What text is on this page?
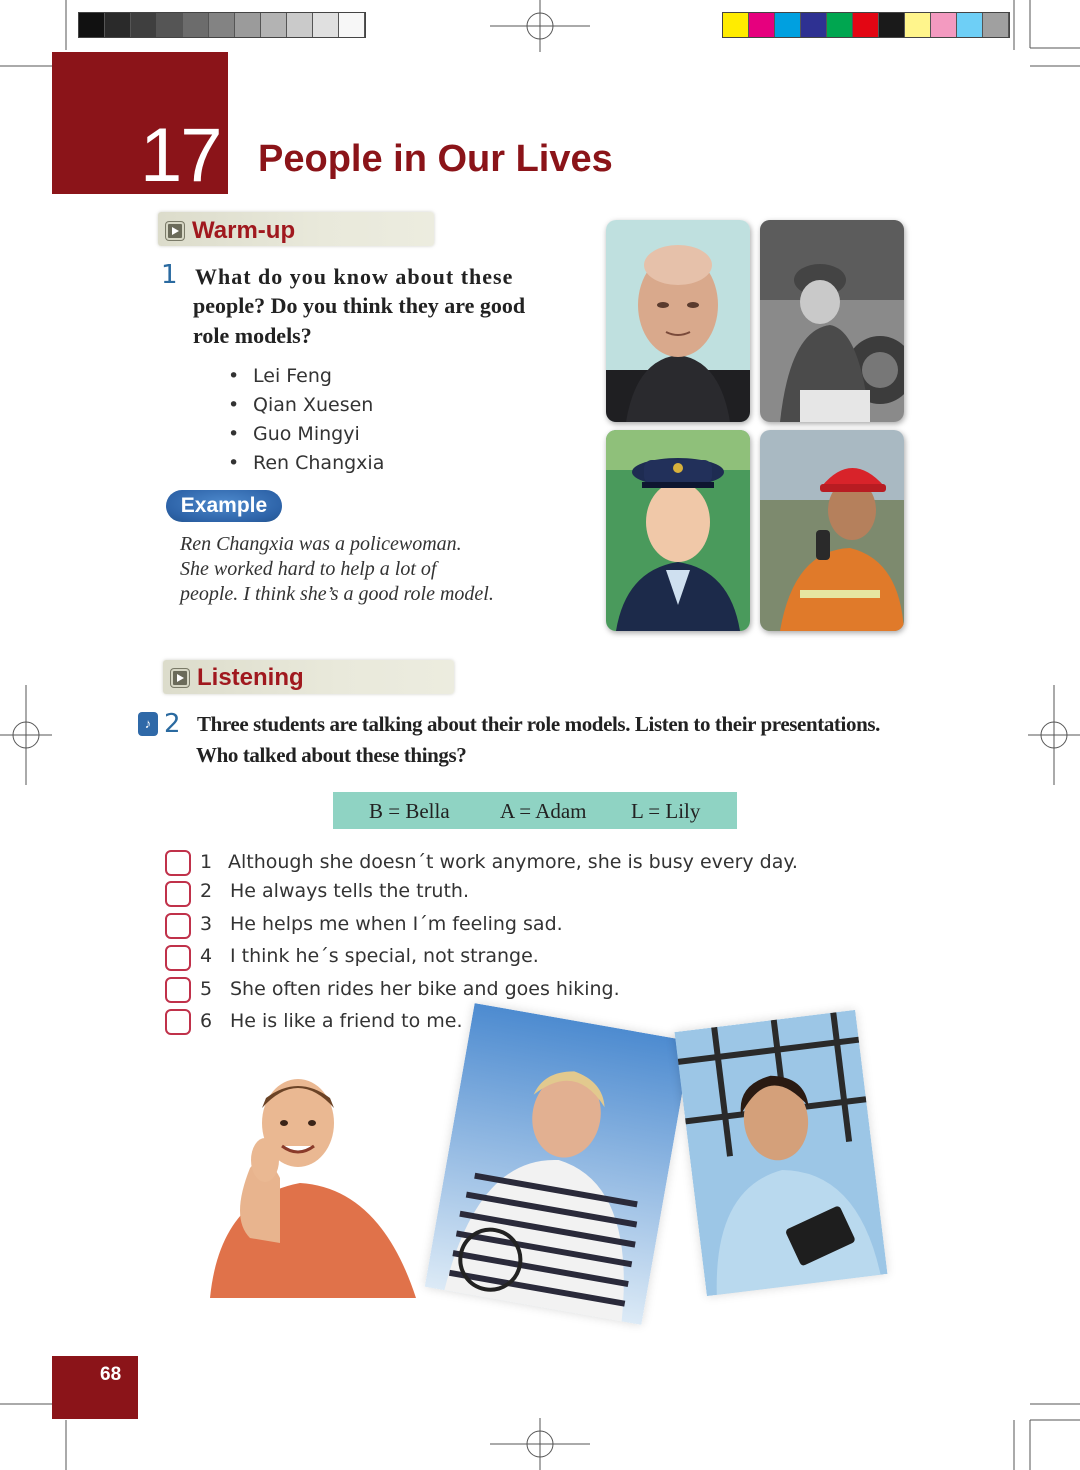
17 People in Our Lives
Warm-up
1 What do you know about these
people? Do you think they are good
role models?
• Lei Feng
• Qian Xuesen
• Guo Mingyi
• Ren Changxia
Example
Ren Changxia was a policewoman.
She worked hard to help a lot of
people. I think she’s a good role model.
Listening
♪ 2 Three students are talking about their role models. Listen to their presentations.
Who talked about these things?
B = Bella A = Adam L = Lily
1 Although she doesn´t work anymore, she is busy every day.
2 He always tells the truth.
3 He helps me when I´m feeling sad.
4 I think he´s special, not strange.
5 She often rides her bike and goes hiking.
6 He is like a friend to me.
68
